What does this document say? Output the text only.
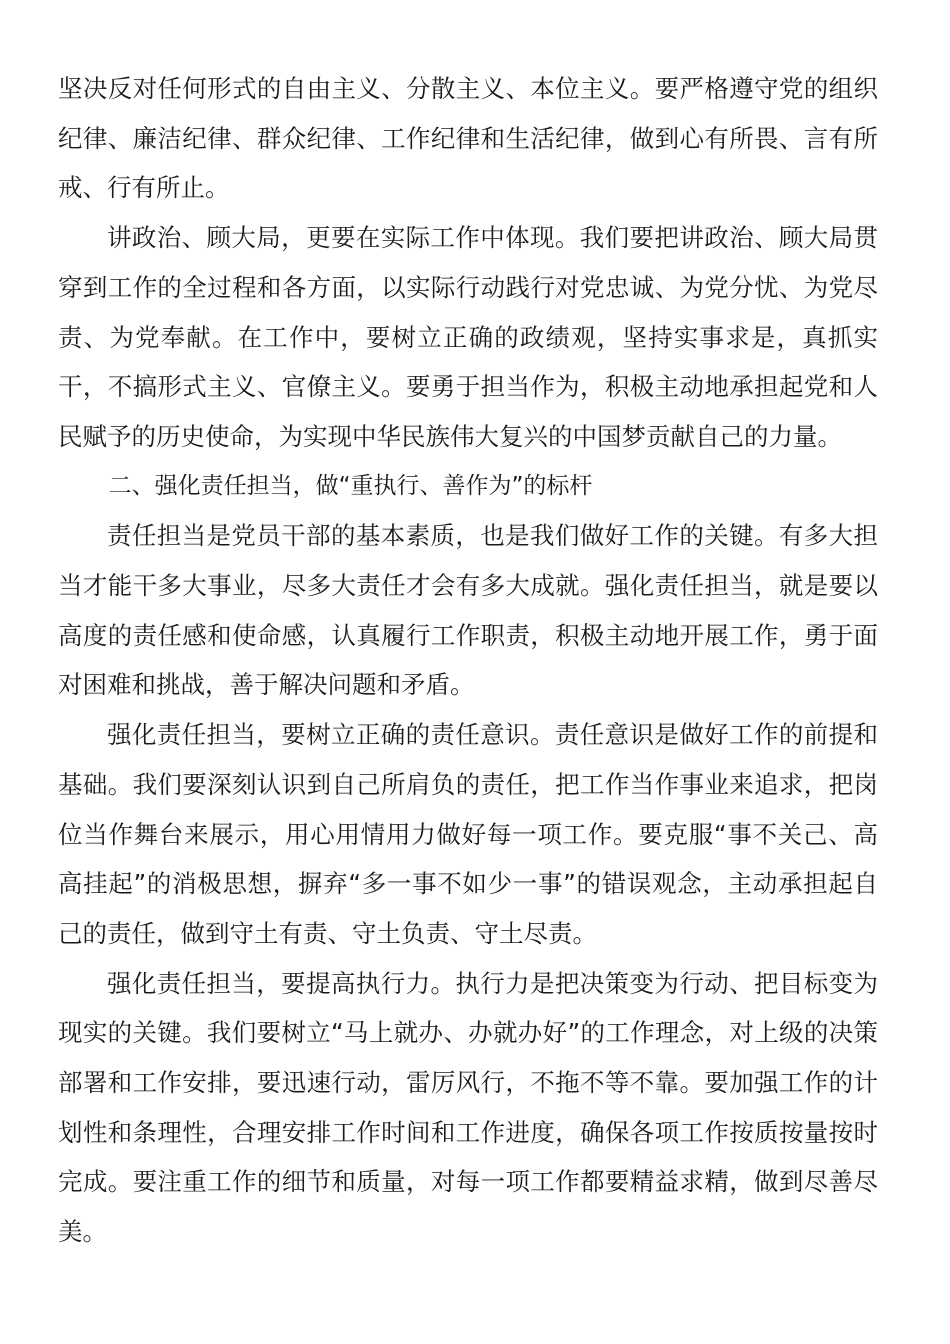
坚决反对任何形式的自由主义、分散主义、本位主义。要严格遵守党的组织纪律、廉洁纪律、群众纪律、工作纪律和生活纪律，做到心有所畏、言有所戒、行有所止。

讲政治、顾大局，更要在实际工作中体现。我们要把讲政治、顾大局贯穿到工作的全过程和各方面，以实际行动践行对党忠诚、为党分忧、为党尽责、为党奉献。在工作中，要树立正确的政绩观，坚持实事求是，真抓实干，不搞形式主义、官僚主义。要勇于担当作为，积极主动地承担起党和人民赋予的历史使命，为实现中华民族伟大复兴的中国梦贡献自己的力量。

二、强化责任担当，做“重执行、善作为”的标杆

责任担当是党员干部的基本素质，也是我们做好工作的关键。有多大担当才能干多大事业，尽多大责任才会有多大成就。强化责任担当，就是要以高度的责任感和使命感，认真履行工作职责，积极主动地开展工作，勇于面对困难和挑战，善于解决问题和矛盾。

强化责任担当，要树立正确的责任意识。责任意识是做好工作的前提和基础。我们要深刻认识到自己所肩负的责任，把工作当作事业来追求，把岗位当作舞台来展示，用心用情用力做好每一项工作。要克服“事不关己、高高挂起”的消极思想，摒弃“多一事不如少一事”的错误观念，主动承担起自己的责任，做到守土有责、守土负责、守土尽责。

强化责任担当，要提高执行力。执行力是把决策变为行动、把目标变为现实的关键。我们要树立“马上就办、办就办好”的工作理念，对上级的决策部署和工作安排，要迅速行动，雷厉风行，不拖不等不靠。要加强工作的计划性和条理性，合理安排工作时间和工作进度，确保各项工作按质按量按时完成。要注重工作的细节和质量，对每一项工作都要精益求精，做到尽善尽美。
